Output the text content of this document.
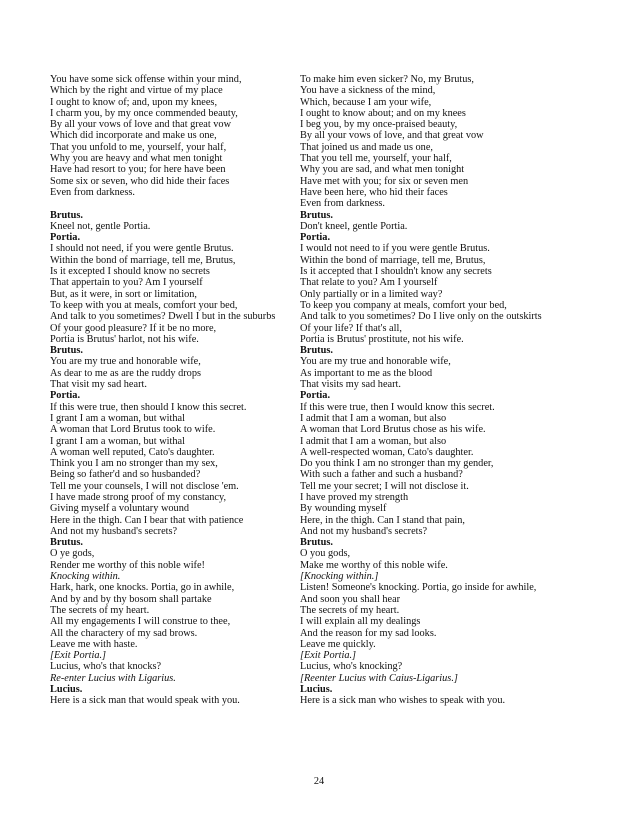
You have some sick offense within your mind,
Which by the right and virtue of my place
I ought to know of; and, upon my knees,
I charm you, by my once commended beauty,
By all your vows of love and that great vow
Which did incorporate and make us one,
That you unfold to me, yourself, your half,
Why you are heavy and what men tonight
Have had resort to you; for here have been
Some six or seven, who did hide their faces
Even from darkness.
Brutus.
Kneel not, gentle Portia.
Portia.
I should not need, if you were gentle Brutus.
Within the bond of marriage, tell me, Brutus,
Is it excepted I should know no secrets
That appertain to you? Am I yourself
But, as it were, in sort or limitation,
To keep with you at meals, comfort your bed,
And talk to you sometimes? Dwell I but in the suburbs
Of your good pleasure? If it be no more,
Portia is Brutus' harlot, not his wife.
Brutus.
You are my true and honorable wife,
As dear to me as are the ruddy drops
That visit my sad heart.
Portia.
If this were true, then should I know this secret.
I grant I am a woman, but withal
A woman that Lord Brutus took to wife.
I grant I am a woman, but withal
A woman well reputed, Cato's daughter.
Think you I am no stronger than my sex,
Being so father'd and so husbanded?
Tell me your counsels, I will not disclose 'em.
I have made strong proof of my constancy,
Giving myself a voluntary wound
Here in the thigh. Can I bear that with patience
And not my husband's secrets?
Brutus.
O ye gods,
Render me worthy of this noble wife!
Knocking within.
Hark, hark, one knocks. Portia, go in awhile,
And by and by thy bosom shall partake
The secrets of my heart.
All my engagements I will construe to thee,
All the charactery of my sad brows.
Leave me with haste.
[Exit Portia.]
Lucius, who's that knocks?
Re-enter Lucius with Ligarius.
Lucius.
Here is a sick man that would speak with you.
To make him even sicker? No, my Brutus,
You have a sickness of the mind,
Which, because I am your wife,
I ought to know about; and on my knees
I beg you, by my once-praised beauty,
By all your vows of love, and that great vow
That joined us and made us one,
That you tell me, yourself, your half,
Why you are sad, and what men tonight
Have met with you; for six or seven men
Have been here, who hid their faces
Even from darkness.
Brutus.
Don't kneel, gentle Portia.
Portia.
I would not need to if you were gentle Brutus.
Within the bond of marriage, tell me, Brutus,
Is it accepted that I shouldn't know any secrets
That relate to you? Am I yourself
Only partially or in a limited way?
To keep you company at meals, comfort your bed,
And talk to you sometimes? Do I live only on the outskirts
Of your life? If that's all,
Portia is Brutus' prostitute, not his wife.
Brutus.
You are my true and honorable wife,
As important to me as the blood
That visits my sad heart.
Portia.
If this were true, then I would know this secret.
I admit that I am a woman, but also
A woman that Lord Brutus chose as his wife.
I admit that I am a woman, but also
A well-respected woman, Cato's daughter.
Do you think I am no stronger than my gender,
With such a father and such a husband?
Tell me your secret; I will not disclose it.
I have proved my strength
By wounding myself
Here, in the thigh. Can I stand that pain,
And not my husband's secrets?
Brutus.
O you gods,
Make me worthy of this noble wife.
[Knocking within.]
Listen! Someone's knocking. Portia, go inside for awhile,
And soon you shall hear
The secrets of my heart.
I will explain all my dealings
And the reason for my sad looks.
Leave me quickly.
[Exit Portia.]
Lucius, who's knocking?
[Reenter Lucius with Caius-Ligarius.]
Lucius.
Here is a sick man who wishes to speak with you.
24
